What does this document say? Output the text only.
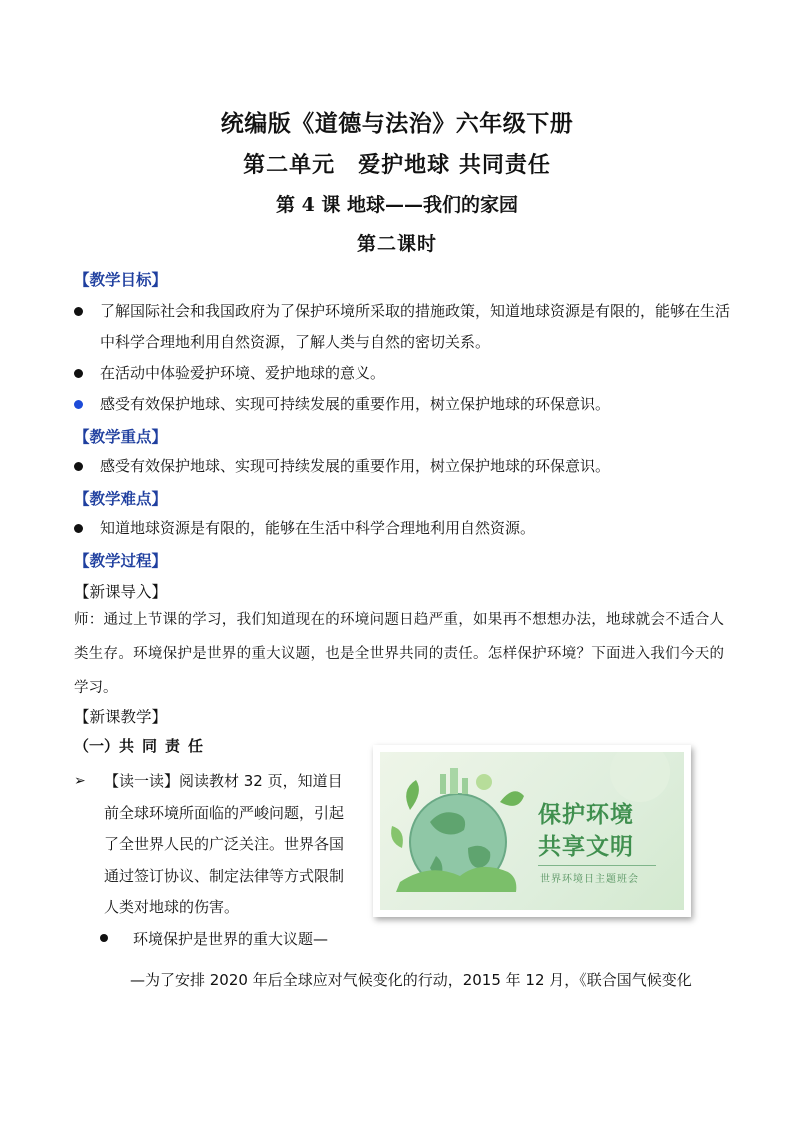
统编版《道德与法治》六年级下册
第二单元　爱护地球 共同责任
第 4 课 地球——我们的家园
第二课时
【教学目标】
了解国际社会和我国政府为了保护环境所采取的措施政策，知道地球资源是有限的，能够在生活中科学合理地利用自然资源，了解人类与自然的密切关系。
在活动中体验爱护环境、爱护地球的意义。
感受有效保护地球、实现可持续发展的重要作用，树立保护地球的环保意识。
【教学重点】
感受有效保护地球、实现可持续发展的重要作用，树立保护地球的环保意识。
【教学难点】
知道地球资源是有限的，能够在生活中科学合理地利用自然资源。
【教学过程】
【新课导入】
师：通过上节课的学习，我们知道现在的环境问题日趋严重，如果再不想想办法，地球就会不适合人类生存。环境保护是世界的重大议题，也是全世界共同的责任。怎样保护环境？下面进入我们今天的学习。
【新课教学】
（一）共同责任
➢ 【读一读】阅读教材 32 页，知道目前全球环境所面临的严峻问题，引起了全世界人民的广泛关注。世界各国通过签订协议、制定法律等方式限制人类对地球的伤害。
环境保护是世界的重大议题—
—为了安排 2020 年后全球应对气候变化的行动，2015 年 12 月，《联合国气候变化
保护环境
共享文明
世界环境日主题班会
